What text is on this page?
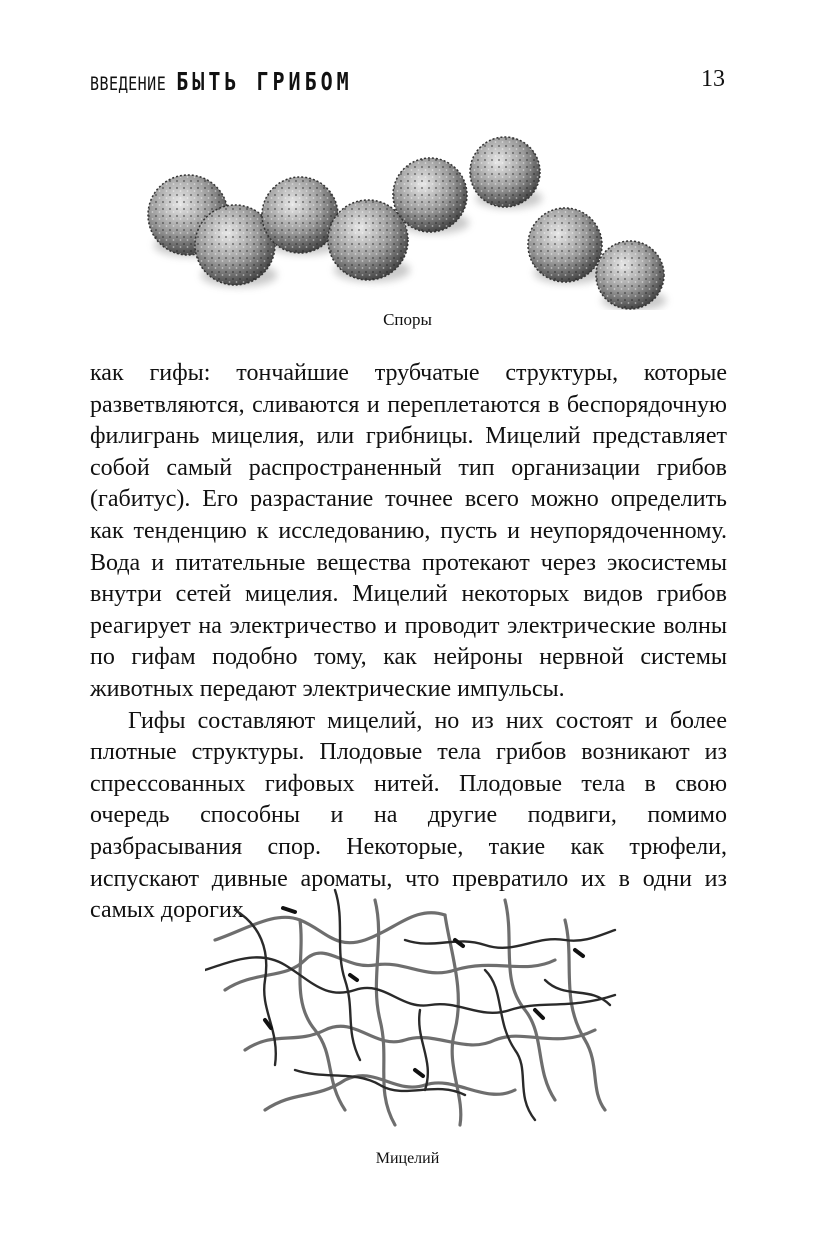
ВВЕДЕНИЕ БЫТЬ ГРИБОМ	13
Споры

как гифы: тончайшие трубчатые структуры, которые разветвляются, сливаются и переплетаются в беспорядочную филигрань мицелия, или грибницы. Мицелий представляет собой самый распространенный тип организации грибов (габитус). Его разрастание точнее всего можно определить как тенденцию к исследованию, пусть и неупорядоченному. Вода и питательные вещества протекают через экосистемы внутри сетей мицелия. Мицелий некоторых видов грибов реагирует на электричество и проводит электрические волны по гифам подобно тому, как нейроны нервной системы животных передают электрические импульсы.

Гифы составляют мицелий, но из них состоят и более плотные структуры. Плодовые тела грибов возникают из спрессованных гифовых нитей. Плодовые тела в свою очередь способны и на другие подвиги, помимо разбрасывания спор. Некоторые, такие как трюфели, испускают дивные ароматы, что превратило их в одни из самых дорогих

Мицелий
